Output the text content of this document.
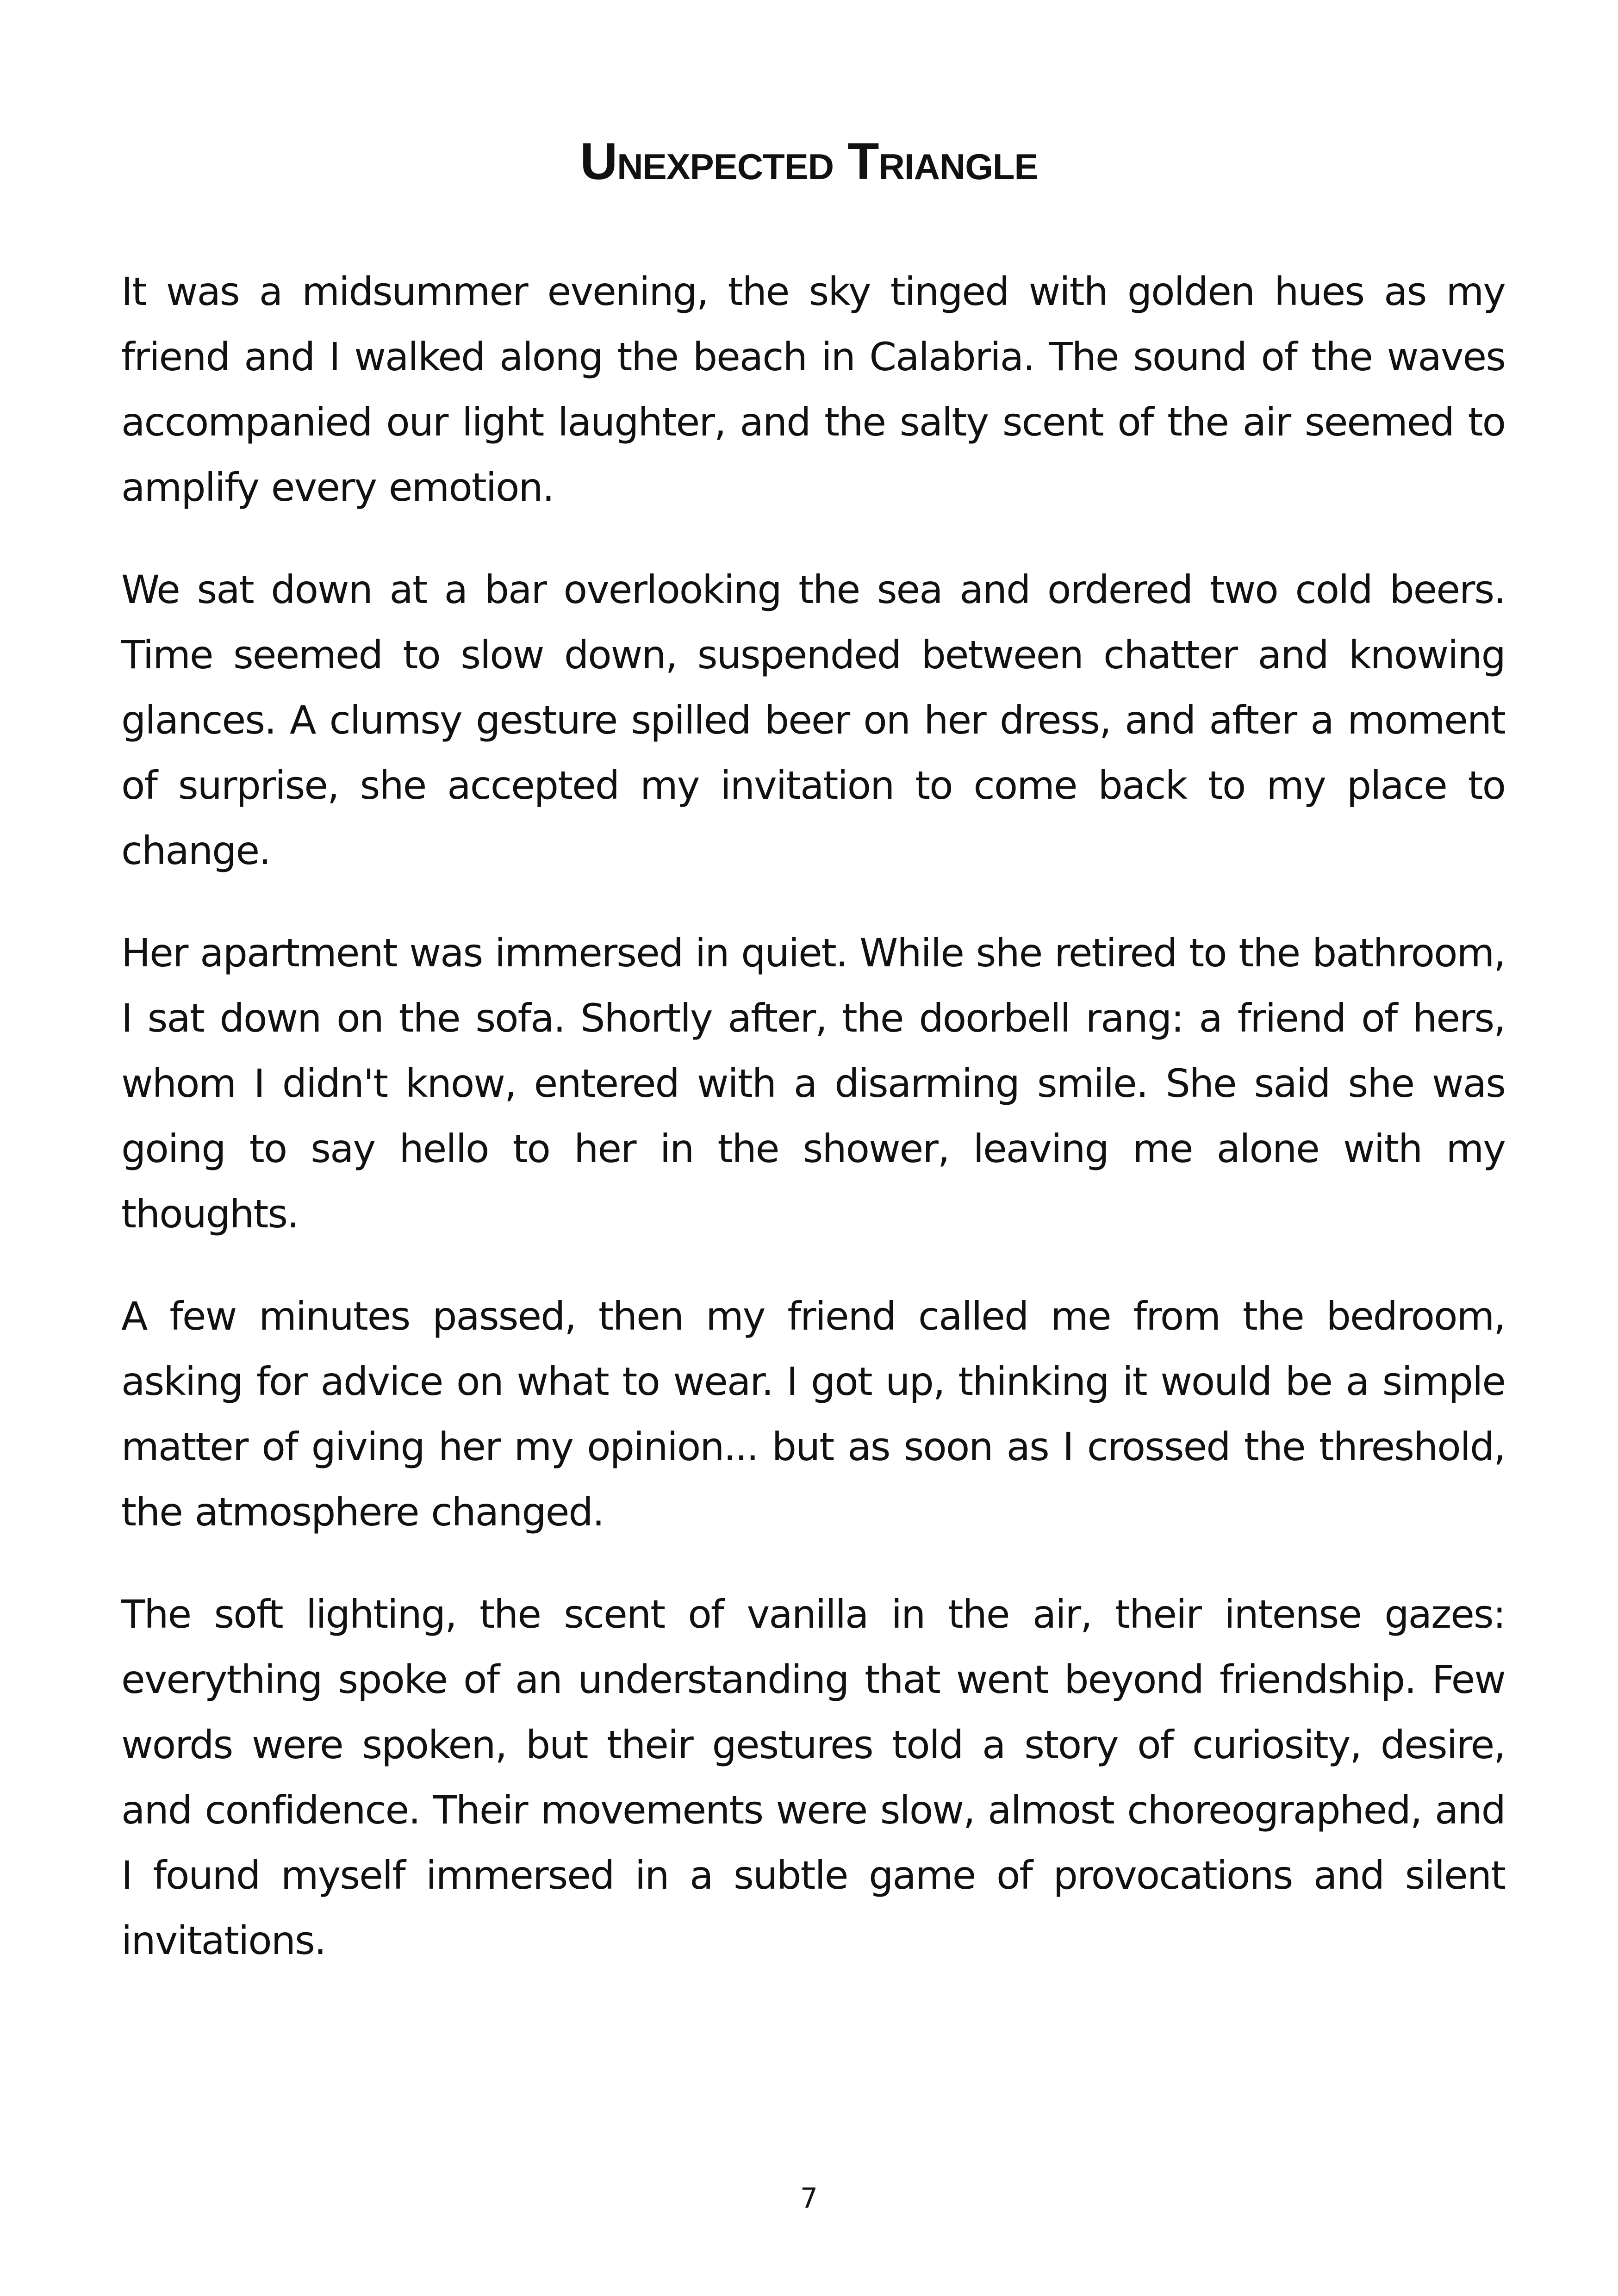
Unexpected Triangle

It was a midsummer evening, the sky tinged with golden hues as my friend and I walked along the beach in Calabria. The sound of the waves accompanied our light laughter, and the salty scent of the air seemed to amplify every emotion.

We sat down at a bar overlooking the sea and ordered two cold beers. Time seemed to slow down, suspended between chatter and knowing glances. A clumsy gesture spilled beer on her dress, and after a moment of surprise, she accepted my invitation to come back to my place to change.

Her apartment was immersed in quiet. While she retired to the bathroom, I sat down on the sofa. Shortly after, the doorbell rang: a friend of hers, whom I didn't know, entered with a disarming smile. She said she was going to say hello to her in the shower, leaving me alone with my thoughts.

A few minutes passed, then my friend called me from the bedroom, asking for advice on what to wear. I got up, thinking it would be a simple matter of giving her my opinion... but as soon as I crossed the threshold, the atmosphere changed.

The soft lighting, the scent of vanilla in the air, their intense gazes: everything spoke of an understanding that went beyond friendship. Few words were spoken, but their gestures told a story of curiosity, desire, and confidence. Their movements were slow, almost choreographed, and I found myself immersed in a subtle game of provocations and silent invitations.

7
